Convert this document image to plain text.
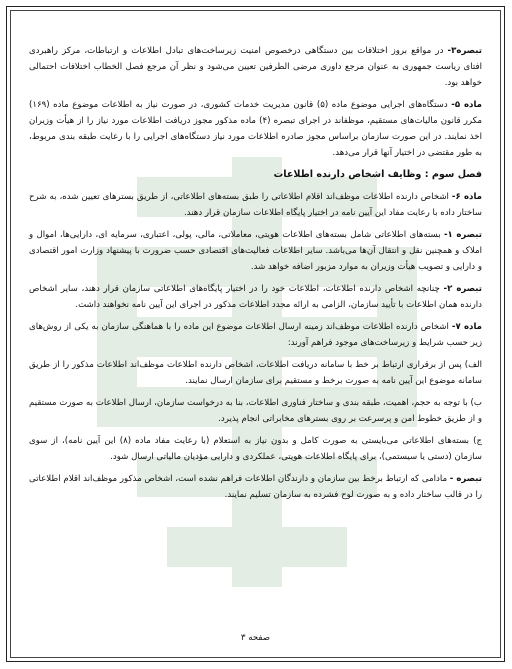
تبصره۳- در مواقع بروز اختلافات بین دستگاهی درخصوص امنیت زیرساخت‌های تبادل اطلاعات و ارتباطات، مرکز راهبردی افتای ریاست جمهوری به عنوان مرجع داوری مرضی الطرفین تعیین می‌شود و نظر آن مرجع فصل الخطاب اختلافات احتمالی خواهد بود.

ماده ۵- دستگاه‌های اجرایی موضوع ماده (۵) قانون مدیریت خدمات کشوری، در صورت نیاز به اطلاعات موضوع ماده (۱۶۹) مکرر قانون مالیات‌های مستقیم، موظفاند در اجرای تبصره (۴) ماده مذکور مجوز دریافت اطلاعات مورد نیاز را از هیأت وزیران اخذ نمایند. در این صورت سازمان براساس مجوز صادره اطلاعات مورد نیاز دستگاه‌های اجرایی را با رعایت طبقه بندی مربوط، به طور مقتضی در اختیار آنها قرار می‌دهد.

فصل سوم : وظایف اشخاص دارنده اطلاعات

ماده ۶- اشخاص دارنده اطلاعات موظف‌اند اقلام اطلاعاتی را طبق بسته‌های اطلاعاتی، از طریق بسترهای تعیین شده، به شرح ساختار داده با رعایت مفاد این آیین نامه در اختیار پایگاه اطلاعات سازمان قرار دهند.

تبصره ۱- بسته‌های اطلاعاتی شامل بسته‌های اطلاعات هویتی، معاملاتی، مالی، پولی، اعتباری، سرمایه ای، دارایی‌ها، اموال و املاک و همچنین نقل و انتقال آن‌ها می‌باشد. سایر اطلاعات فعالیت‌های اقتصادی حسب ضرورت با پیشنهاد وزارت امور اقتصادی و دارایی و تصویب هیأت وزیران به موارد مزبور اضافه خواهد شد.

تبصره ۲- چنانچه اشخاص دارنده اطلاعات، اطلاعات خود را در اختیار پایگاه‌های اطلاعاتی سازمان قرار دهند، سایر اشخاص دارنده همان اطلاعات با تأیید سازمان، الزامی به ارائه مجدد اطلاعات مذکور در اجرای این آیین نامه نخواهند داشت.

ماده ۷- اشخاص دارنده اطلاعات موظف‌اند زمینه ارسال اطلاعات موضوع این ماده را با هماهنگی سازمان به یکی از روش‌های زیر حسب شرایط و زیرساخت‌های موجود فراهم آورند:

الف) پس از برقراری ارتباط بر خط با سامانه دریافت اطلاعات، اشخاص دارنده اطلاعات موظف‌اند اطلاعات مذکور را از طریق سامانه موضوع این آیین نامه به صورت برخط و مستقیم برای سازمان ارسال نمایند.

ب) با توجه به حجم، اهمیت، طبقه بندی و ساختار فناوری اطلاعات، بنا به درخواست سازمان، ارسال اطلاعات به صورت مستقیم و از طریق خطوط امن و پرسرعت بر روی بسترهای مخابراتی انجام پذیرد.

ج) بسته‌های اطلاعاتی می‌بایستی به صورت کامل و بدون نیاز به استعلام (با رعایت مفاد ماده (۸) این آیین نامه)، از سوی سازمان (دستی یا سیستمی)، برای پایگاه اطلاعات هویتی، عملکردی و دارایی مؤدیان مالیاتی ارسال شود.

تبصره - مادامی که ارتباط برخط بین سازمان و دارندگان اطلاعات فراهم نشده است، اشخاص مذکور موظف‌اند اقلام اطلاعاتی را در قالب ساختار داده و به صورت لوح فشرده به سازمان تسلیم نمایند.

صفحه ۳
